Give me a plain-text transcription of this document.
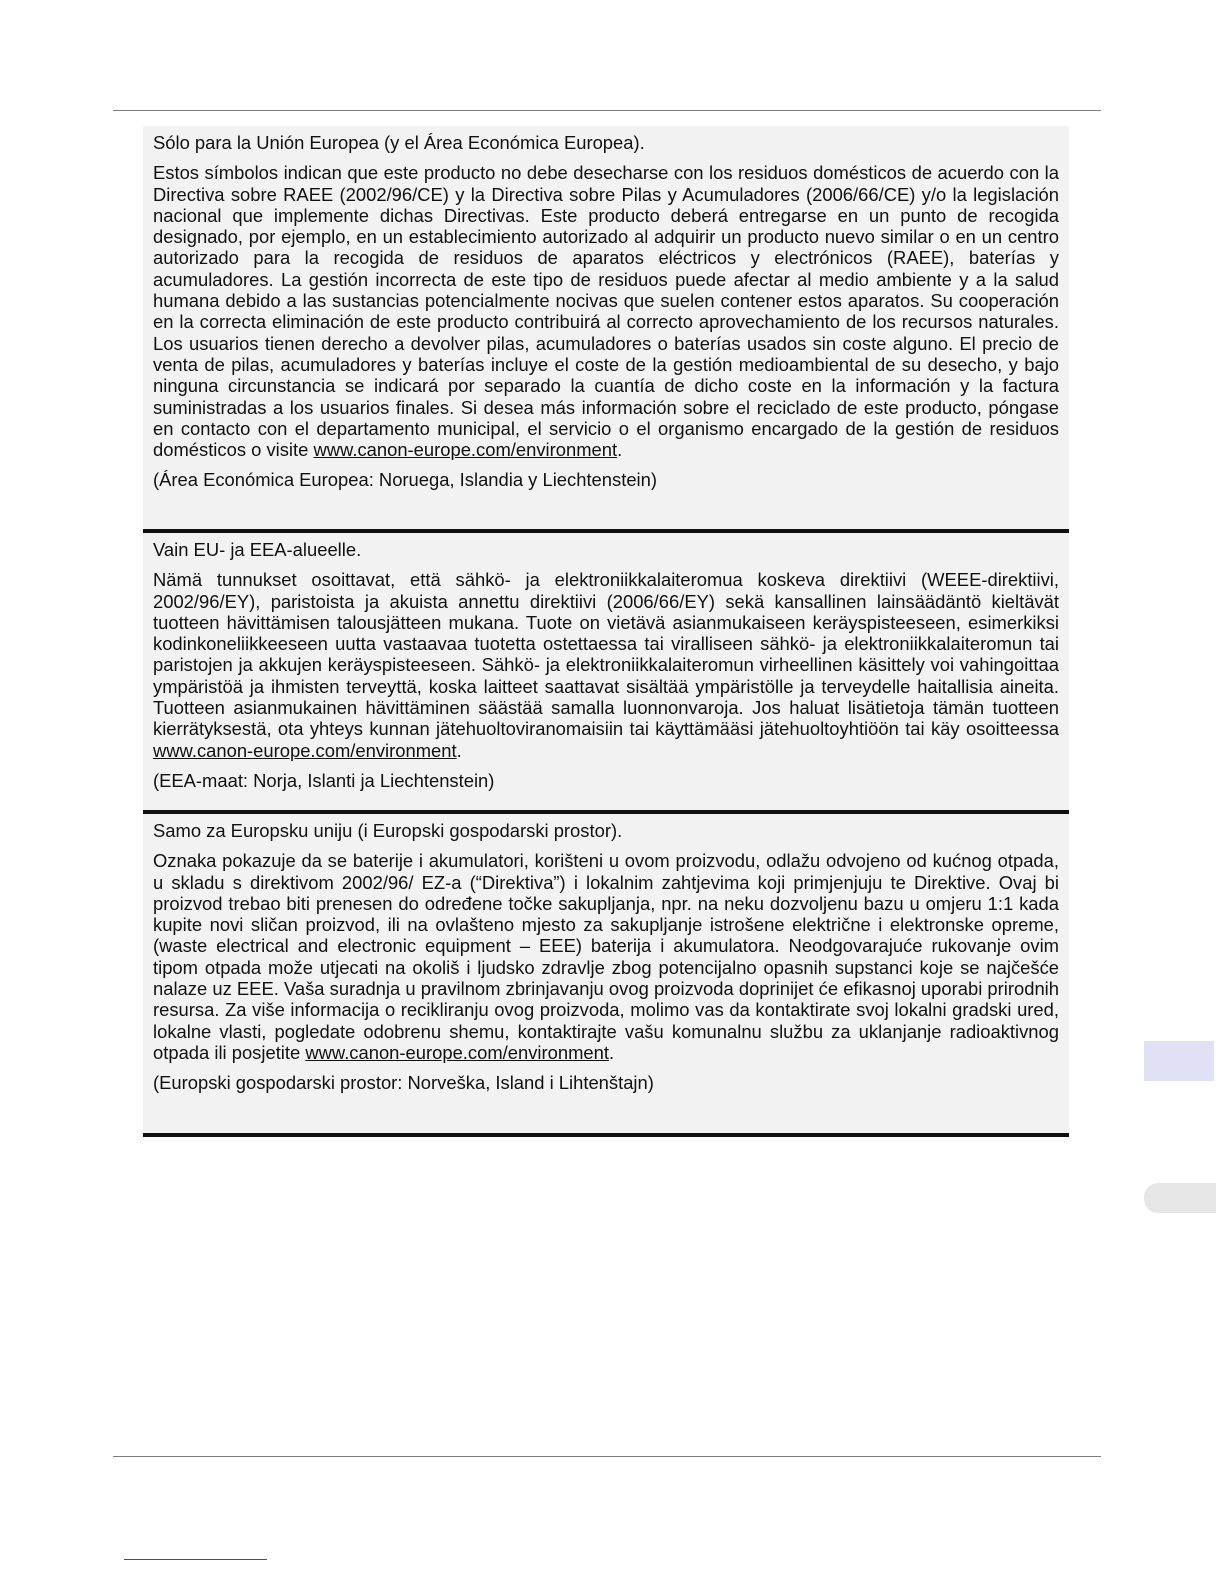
Sólo para la Unión Europea (y el Área Económica Europea).

Estos símbolos indican que este producto no debe desecharse con los residuos domésticos de acuerdo con la Directiva sobre RAEE (2002/96/CE) y la Directiva sobre Pilas y Acumuladores (2006/66/CE) y/o la legislación nacional que implemente dichas Directivas. Este producto deberá entregarse en un punto de recogida designado, por ejemplo, en un establecimiento autorizado al adquirir un producto nuevo similar o en un centro autorizado para la recogida de residuos de aparatos eléctricos y electrónicos (RAEE), baterías y acumuladores. La gestión incorrecta de este tipo de residuos puede afectar al medio ambiente y a la salud humana debido a las sustancias potencialmente nocivas que suelen contener estos aparatos. Su cooperación en la correcta eliminación de este producto contribuirá al correcto aprovechamiento de los recursos naturales. Los usuarios tienen derecho a devolver pilas, acumuladores o baterías usados sin coste alguno. El precio de venta de pilas, acumuladores y baterías incluye el coste de la gestión medioambiental de su desecho, y bajo ninguna circunstancia se indicará por separado la cuantía de dicho coste en la información y la factura suministradas a los usuarios finales. Si desea más información sobre el reciclado de este producto, póngase en contacto con el departamento municipal, el servicio o el organismo encargado de la gestión de residuos domésticos o visite www.canon-europe.com/environment.

(Área Económica Europea: Noruega, Islandia y Liechtenstein)

Vain EU- ja EEA-alueelle.

Nämä tunnukset osoittavat, että sähkö- ja elektroniikkalaiteromua koskeva direktiivi (WEEE-direktiivi, 2002/96/EY), paristoista ja akuista annettu direktiivi (2006/66/EY) sekä kansallinen lainsäädäntö kieltävät tuotteen hävittämisen talousjätteen mukana. Tuote on vietävä asianmukaiseen keräyspisteeseen, esimerkiksi kodinkoneliikkeeseen uutta vastaavaa tuotetta ostettaessa tai viralliseen sähkö- ja elektroniikkalaiteromun tai paristojen ja akkujen keräyspisteeseen. Sähkö- ja elektroniikkalaiteromun virheellinen käsittely voi vahingoittaa ympäristöä ja ihmisten terveyttä, koska laitteet saattavat sisältää ympäristölle ja terveydelle haitallisia aineita. Tuotteen asianmukainen hävittäminen säästää samalla luonnonvaroja. Jos haluat lisätietoja tämän tuotteen kierrätyksestä, ota yhteys kunnan jätehuoltoviranomaisiin tai käyttämääsi jätehuoltoyhtiöön tai käy osoitteessa www.canon-europe.com/environment.

(EEA-maat: Norja, Islanti ja Liechtenstein)

Samo za Europsku uniju (i Europski gospodarski prostor).

Oznaka pokazuje da se baterije i akumulatori, korišteni u ovom proizvodu, odlažu odvojeno od kućnog otpada, u skladu s direktivom 2002/96/ EZ-a (“Direktiva”) i lokalnim zahtjevima koji primjenjuju te Direktive. Ovaj bi proizvod trebao biti prenesen do određene točke sakupljanja, npr. na neku dozvoljenu bazu u omjeru 1:1 kada kupite novi sličan proizvod, ili na ovlašteno mjesto za sakupljanje istrošene električne i elektronske opreme, (waste electrical and electronic equipment – EEE) baterija i akumulatora. Neodgovarajuće rukovanje ovim tipom otpada može utjecati na okoliš i ljudsko zdravlje zbog potencijalno opasnih supstanci koje se najčešće nalaze uz EEE. Vaša suradnja u pravilnom zbrinjavanju ovog proizvoda doprinijet će efikasnoj uporabi prirodnih resursa. Za više informacija o recikliranju ovog proizvoda, molimo vas da kontaktirate svoj lokalni gradski ured, lokalne vlasti, pogledate odobrenu shemu, kontaktirajte vašu komunalnu službu za uklanjanje radioaktivnog otpada ili posjetite www.canon-europe.com/environment.

(Europski gospodarski prostor: Norveška, Island i Lihtenštajn)
